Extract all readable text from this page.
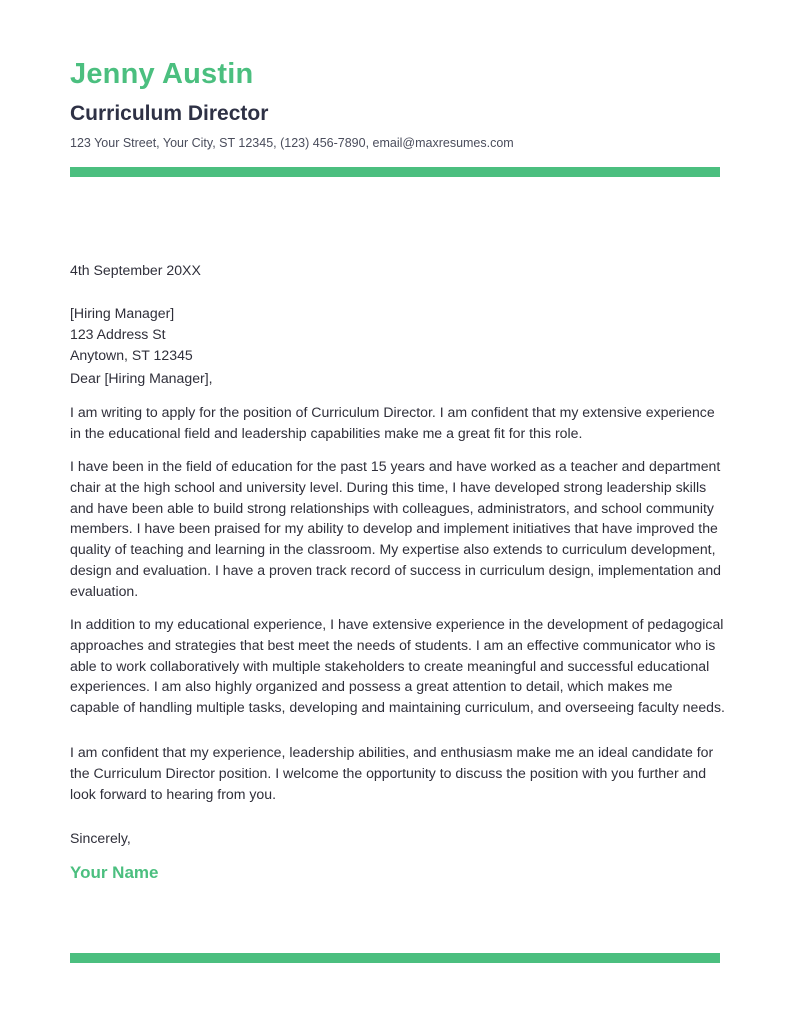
Jenny Austin
Curriculum Director
123 Your Street, Your City, ST 12345, (123) 456-7890, email@maxresumes.com
4th September 20XX
[Hiring Manager]
123 Address St
Anytown, ST 12345
Dear [Hiring Manager],

I am writing to apply for the position of Curriculum Director. I am confident that my extensive experience in the educational field and leadership capabilities make me a great fit for this role.

I have been in the field of education for the past 15 years and have worked as a teacher and department chair at the high school and university level. During this time, I have developed strong leadership skills and have been able to build strong relationships with colleagues, administrators, and school community members. I have been praised for my ability to develop and implement initiatives that have improved the quality of teaching and learning in the classroom. My expertise also extends to curriculum development, design and evaluation. I have a proven track record of success in curriculum design, implementation and evaluation.

In addition to my educational experience, I have extensive experience in the development of pedagogical approaches and strategies that best meet the needs of students. I am an effective communicator who is able to work collaboratively with multiple stakeholders to create meaningful and successful educational experiences. I am also highly organized and possess a great attention to detail, which makes me capable of handling multiple tasks, developing and maintaining curriculum, and overseeing faculty needs.

I am confident that my experience, leadership abilities, and enthusiasm make me an ideal candidate for the Curriculum Director position. I welcome the opportunity to discuss the position with you further and look forward to hearing from you.

Sincerely,
Your Name
